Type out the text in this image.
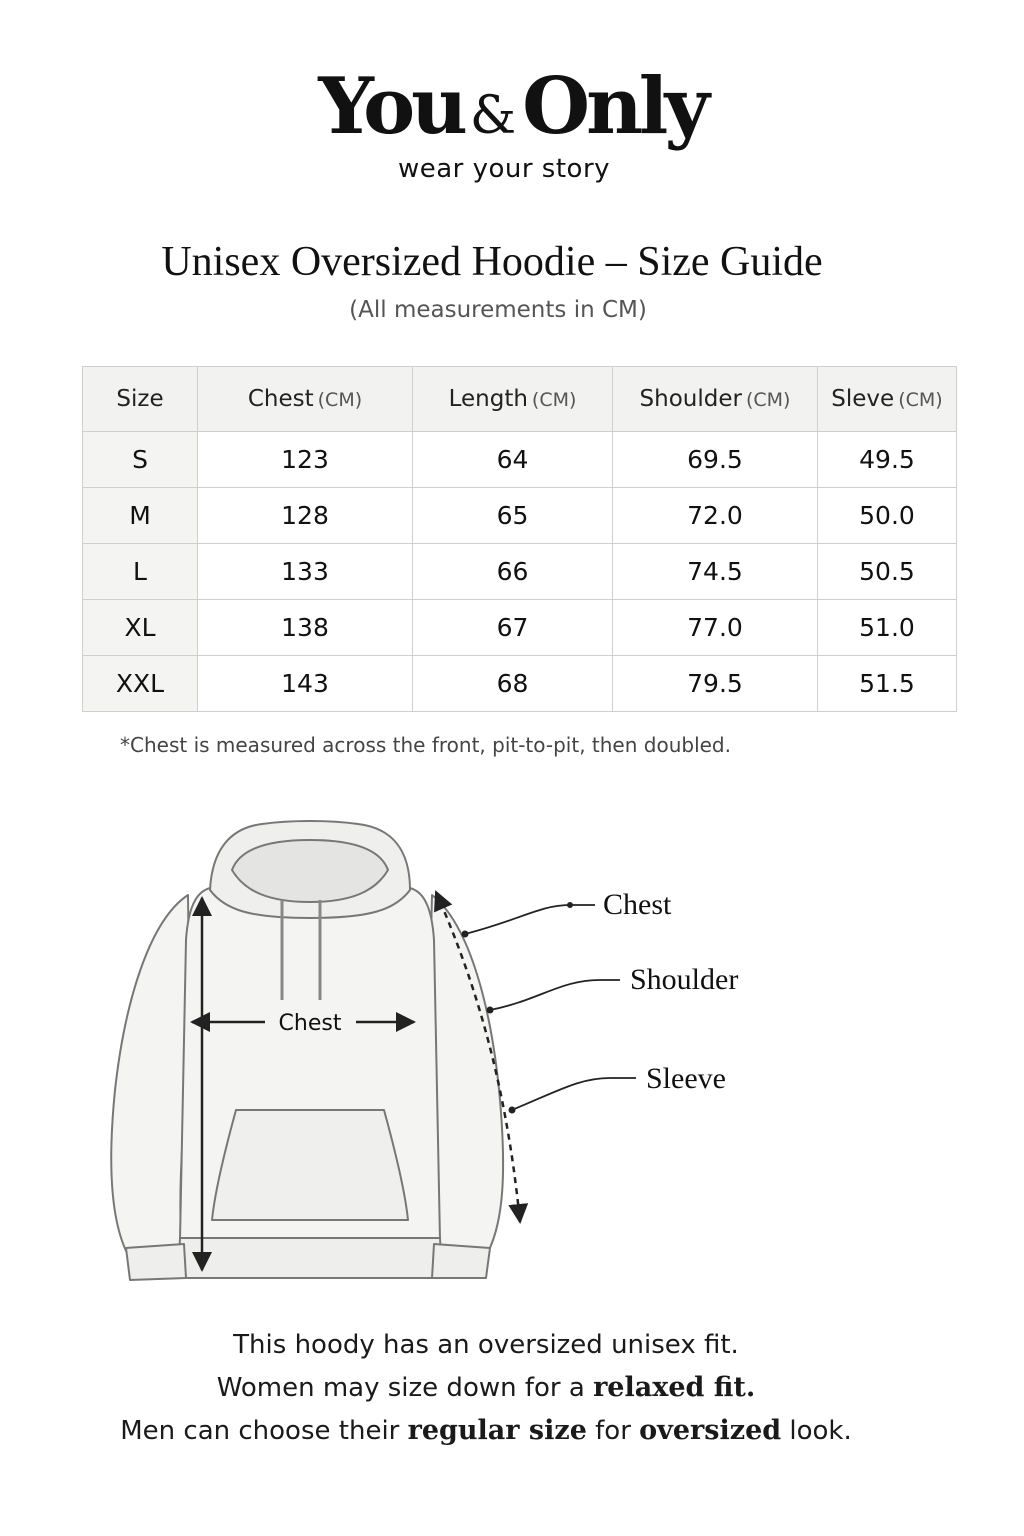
You &Only
wear your story
Unisex Oversized Hoodie – Size Guide
(All measurements in CM)
Size	Chest (CM)	Length (CM)	Shoulder (CM)	Sleve (CM)
S	123	64	69.5	49.5
M	128	65	72.0	50.0
L	133	66	74.5	50.5
XL	138	67	77.0	51.0
XXL	143	68	79.5	51.5
*Chest is measured across the front, pit-to-pit, then doubled.
Chest
Chest
Shoulder
Sleeve
This hoody has an oversized unisex fit.
Women may size down for a relaxed fit.
Men can choose their regular size for oversized look.
